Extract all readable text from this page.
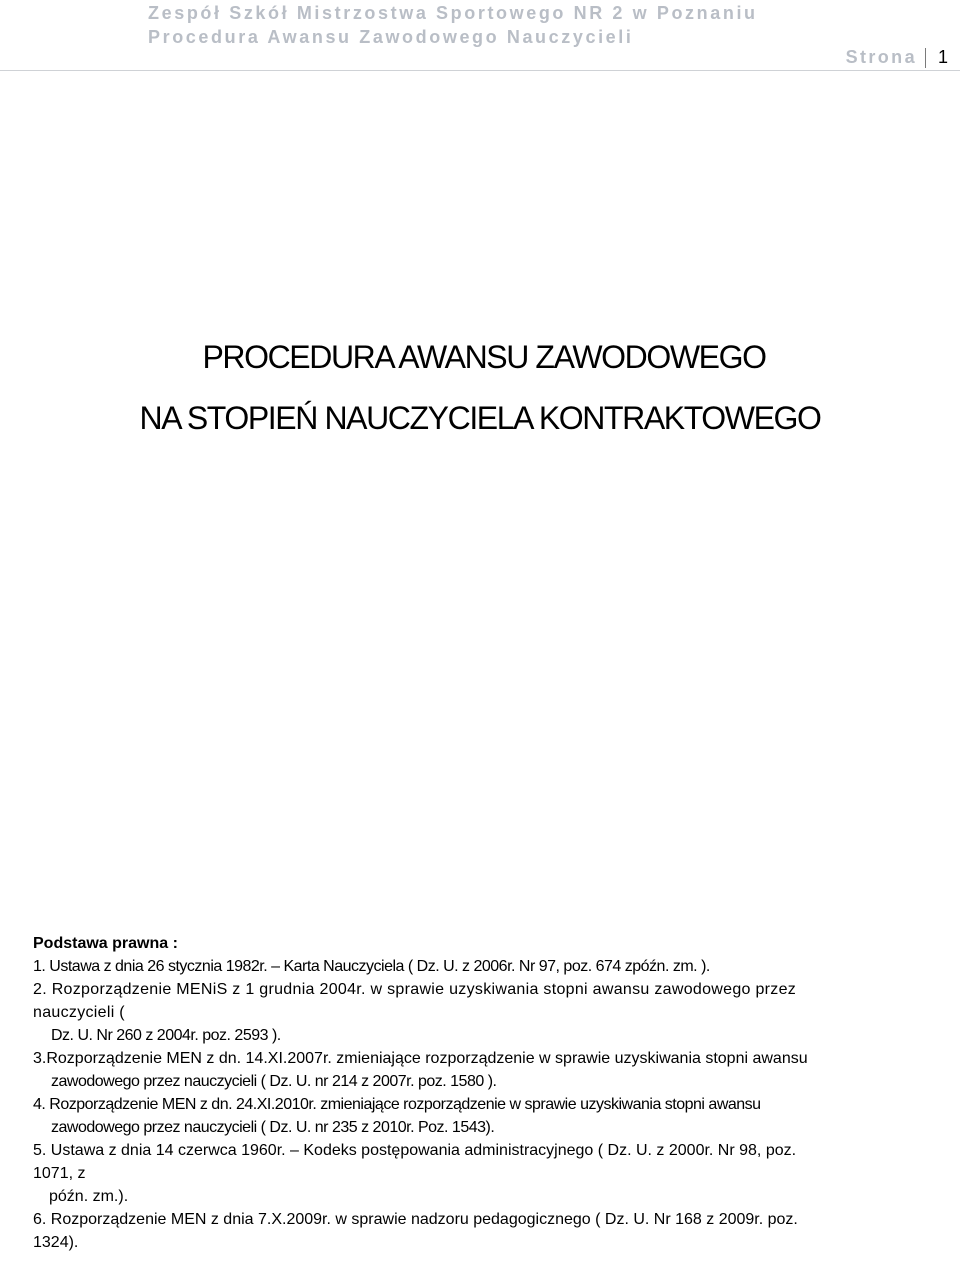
Zespół Szkół Mistrzostwa Sportowego NR 2 w Poznaniu
Procedura Awansu Zawodowego Nauczycieli
Strona 1
PROCEDURA AWANSU ZAWODOWEGO
NA STOPIEŃ NAUCZYCIELA KONTRAKTOWEGO
Podstawa prawna :
1. Ustawa z dnia 26 stycznia 1982r. – Karta Nauczyciela ( Dz. U. z 2006r. Nr 97, poz. 674 zpóźn. zm. ).
2. Rozporządzenie MENiS z 1 grudnia 2004r. w sprawie uzyskiwania stopni awansu zawodowego przez
nauczycieli (
Dz. U. Nr 260 z 2004r. poz. 2593 ).
3.Rozporządzenie MEN z dn. 14.XI.2007r. zmieniające rozporządzenie w sprawie uzyskiwania stopni awansu
zawodowego przez nauczycieli ( Dz. U. nr 214 z 2007r. poz. 1580 ).
4. Rozporządzenie MEN z dn. 24.XI.2010r. zmieniające rozporządzenie w sprawie uzyskiwania stopni awansu
zawodowego przez nauczycieli ( Dz. U. nr 235 z 2010r. Poz. 1543).
5. Ustawa z dnia 14 czerwca 1960r. – Kodeks postępowania administracyjnego ( Dz. U. z 2000r. Nr 98, poz.
1071, z
późn. zm.).
6. Rozporządzenie MEN z dnia 7.X.2009r. w sprawie nadzoru pedagogicznego ( Dz. U. Nr 168 z 2009r. poz.
1324).
